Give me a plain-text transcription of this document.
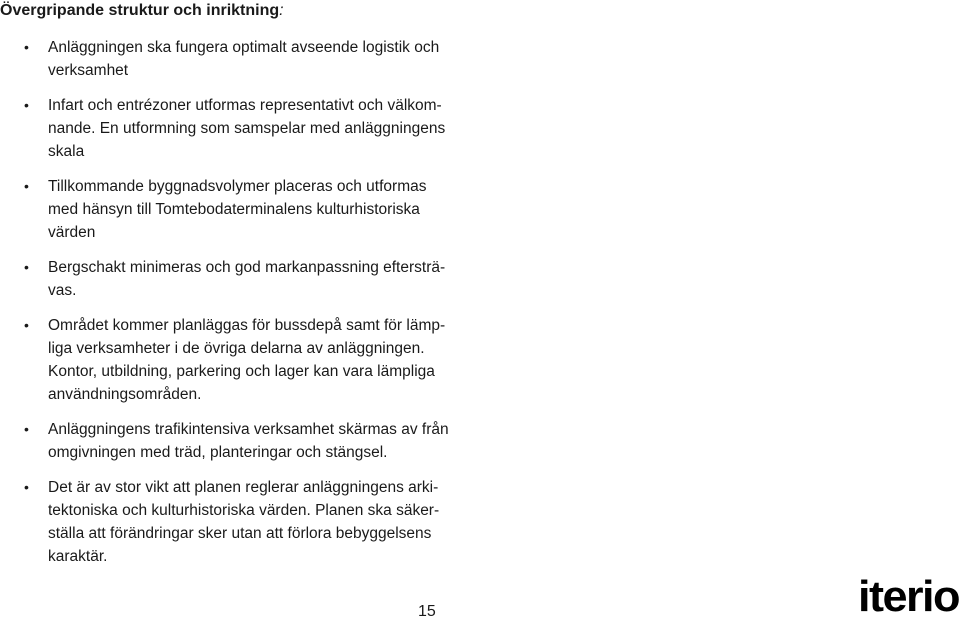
Övergripande struktur och inriktning:
• Anläggningen ska fungera optimalt avseende logistik och
verksamhet
• Infart och entrézoner utformas representativt och välkom-
nande. En utformning som samspelar med anläggningens
skala
• Tillkommande byggnadsvolymer placeras och utformas
med hänsyn till Tomtebodaterminalens kulturhistoriska
värden
• Bergschakt minimeras och god markanpassning eftersträ-
vas.
• Området kommer planläggas för bussdepå samt för lämp-
liga verksamheter i de övriga delarna av anläggningen.
Kontor, utbildning, parkering och lager kan vara lämpliga
användningsområden.
• Anläggningens trafikintensiva verksamhet skärmas av från
omgivningen med träd, planteringar och stängsel.
• Det är av stor vikt att planen reglerar anläggningens arki-
tektoniska och kulturhistoriska värden. Planen ska säker-
ställa att förändringar sker utan att förlora bebyggelsens
karaktär.
15	iterio
